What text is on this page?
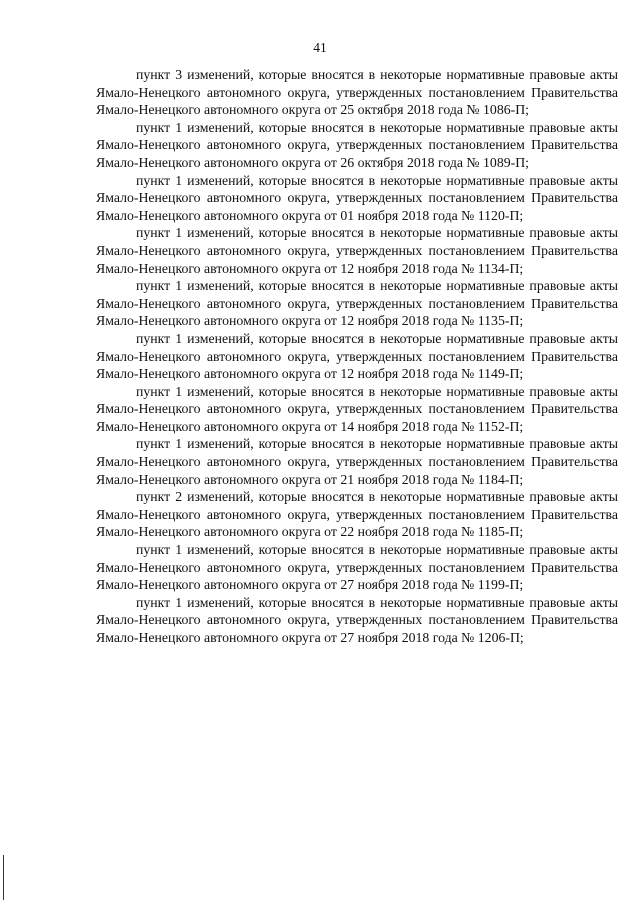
41

пункт 3 изменений, которые вносятся в некоторые нормативные правовые акты Ямало-Ненецкого автономного округа, утвержденных постановлением Правительства Ямало-Ненецкого автономного округа от 25 октября 2018 года № 1086-П;

пункт 1 изменений, которые вносятся в некоторые нормативные правовые акты Ямало-Ненецкого автономного округа, утвержденных постановлением Правительства Ямало-Ненецкого автономного округа от 26 октября 2018 года № 1089-П;

пункт 1 изменений, которые вносятся в некоторые нормативные правовые акты Ямало-Ненецкого автономного округа, утвержденных постановлением Правительства Ямало-Ненецкого автономного округа от 01 ноября 2018 года № 1120-П;

пункт 1 изменений, которые вносятся в некоторые нормативные правовые акты Ямало-Ненецкого автономного округа, утвержденных постановлением Правительства Ямало-Ненецкого автономного округа от 12 ноября 2018 года № 1134-П;

пункт 1 изменений, которые вносятся в некоторые нормативные правовые акты Ямало-Ненецкого автономного округа, утвержденных постановлением Правительства Ямало-Ненецкого автономного округа от 12 ноября 2018 года № 1135-П;

пункт 1 изменений, которые вносятся в некоторые нормативные правовые акты Ямало-Ненецкого автономного округа, утвержденных постановлением Правительства Ямало-Ненецкого автономного округа от 12 ноября 2018 года № 1149-П;

пункт 1 изменений, которые вносятся в некоторые нормативные правовые акты Ямало-Ненецкого автономного округа, утвержденных постановлением Правительства Ямало-Ненецкого автономного округа от 14 ноября 2018 года № 1152-П;

пункт 1 изменений, которые вносятся в некоторые нормативные правовые акты Ямало-Ненецкого автономного округа, утвержденных постановлением Правительства Ямало-Ненецкого автономного округа от 21 ноября 2018 года № 1184-П;

пункт 2 изменений, которые вносятся в некоторые нормативные правовые акты Ямало-Ненецкого автономного округа, утвержденных постановлением Правительства Ямало-Ненецкого автономного округа от 22 ноября 2018 года № 1185-П;

пункт 1 изменений, которые вносятся в некоторые нормативные правовые акты Ямало-Ненецкого автономного округа, утвержденных постановлением Правительства Ямало-Ненецкого автономного округа от 27 ноября 2018 года № 1199-П;

пункт 1 изменений, которые вносятся в некоторые нормативные правовые акты Ямало-Ненецкого автономного округа, утвержденных постановлением Правительства Ямало-Ненецкого автономного округа от 27 ноября 2018 года № 1206-П;
